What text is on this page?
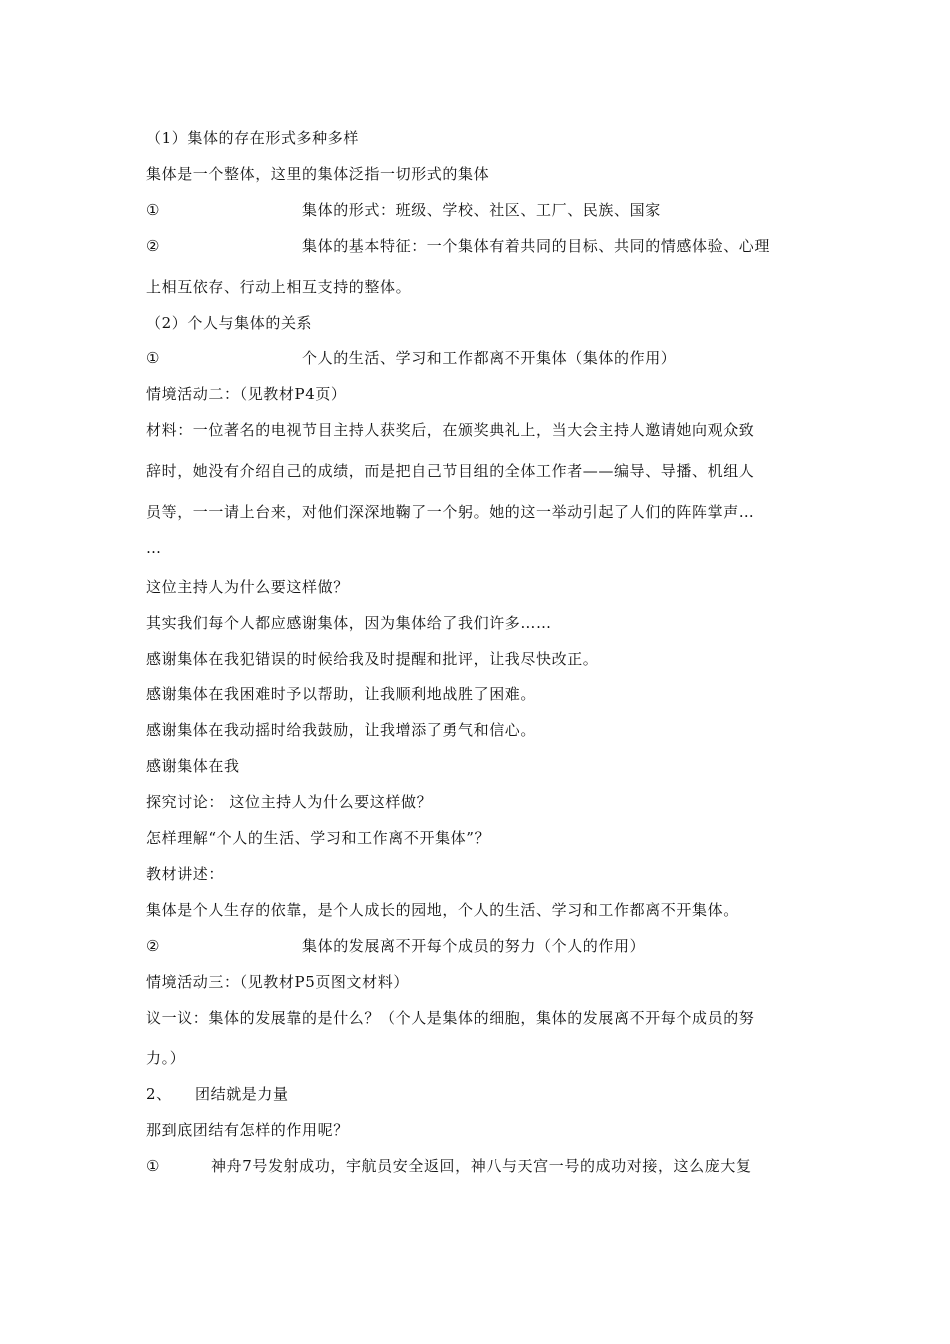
（1）集体的存在形式多种多样
集体是一个整体，这里的集体泛指一切形式的集体
①	集体的形式：班级、学校、社区、工厂、民族、国家
②	集体的基本特征：一个集体有着共同的目标、共同的情感体验、心理
上相互依存、行动上相互支持的整体。
（2）个人与集体的关系
①	个人的生活、学习和工作都离不开集体（集体的作用）
情境活动二：（见教材P4页）
材料：一位著名的电视节目主持人获奖后，在颁奖典礼上，当大会主持人邀请她向观众致
辞时，她没有介绍自己的成绩，而是把自己节目组的全体工作者——编导、导播、机组人
员等，一一请上台来，对他们深深地鞠了一个躬。她的这一举动引起了人们的阵阵掌声…
…
这位主持人为什么要这样做？
其实我们每个人都应感谢集体，因为集体给了我们许多……
感谢集体在我犯错误的时候给我及时提醒和批评，让我尽快改正。
感谢集体在我困难时予以帮助，让我顺利地战胜了困难。
感谢集体在我动摇时给我鼓励，让我增添了勇气和信心。
感谢集体在我
探究讨论： 这位主持人为什么要这样做？
怎样理解“个人的生活、学习和工作离不开集体”？
教材讲述：
集体是个人生存的依靠，是个人成长的园地，个人的生活、学习和工作都离不开集体。
②	集体的发展离不开每个成员的努力（个人的作用）
情境活动三：（见教材P5页图文材料）
议一议：集体的发展靠的是什么？（个人是集体的细胞，集体的发展离不开每个成员的努
力。）
2、 团结就是力量
那到底团结有怎样的作用呢？
①	神舟7号发射成功，宇航员安全返回，神八与天宫一号的成功对接，这么庞大复
